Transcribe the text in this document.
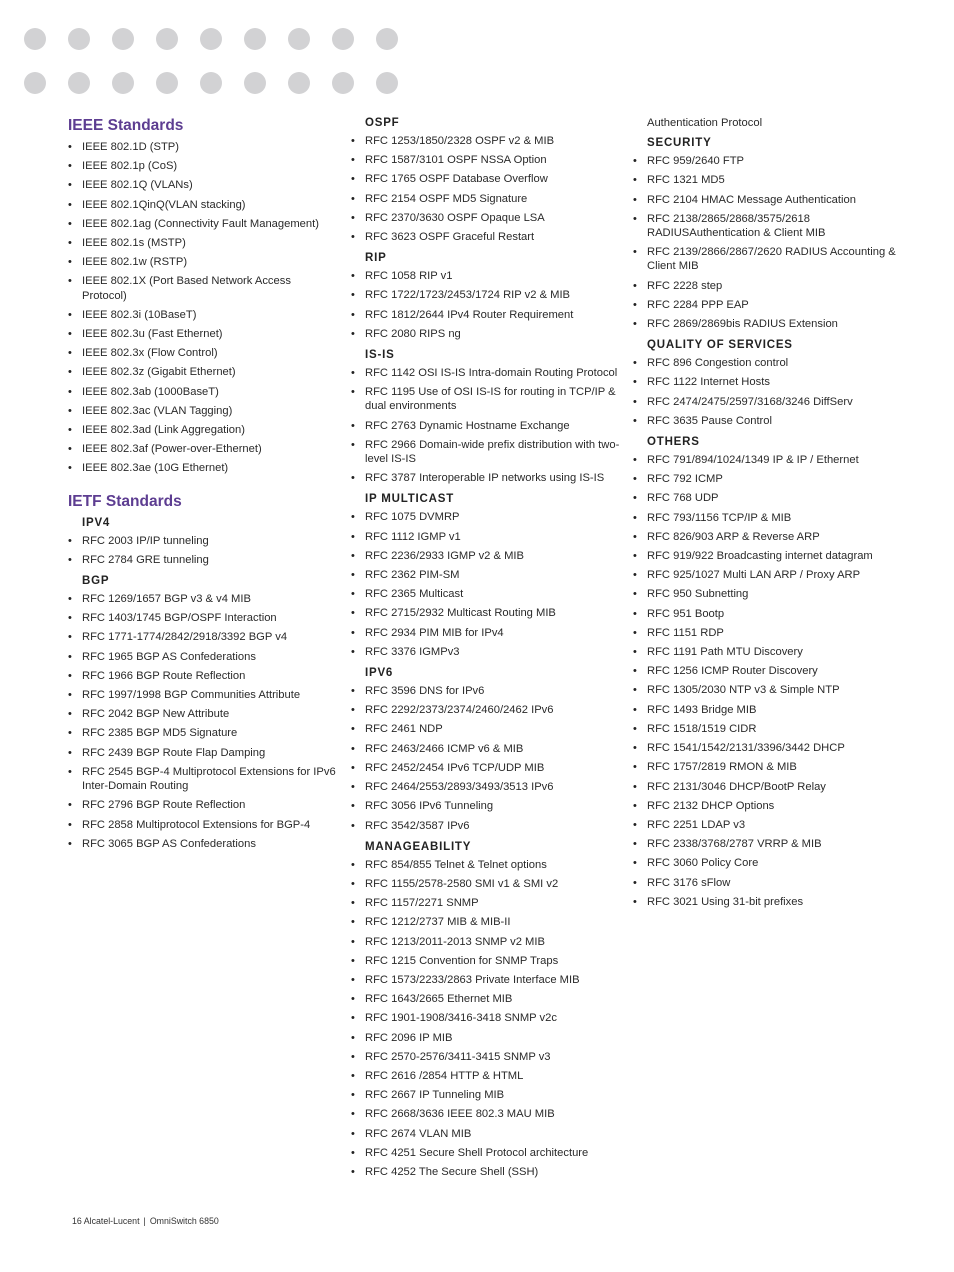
IEEE Standards
• IEEE 802.1D (STP)
• IEEE 802.1p (CoS)
• IEEE 802.1Q (VLANs)
• IEEE 802.1QinQ(VLAN stacking)
• IEEE 802.1ag (Connectivity Fault Management)
• IEEE 802.1s (MSTP)
• IEEE 802.1w (RSTP)
• IEEE 802.1X (Port Based Network Access Protocol)
• IEEE 802.3i (10BaseT)
• IEEE 802.3u (Fast Ethernet)
• IEEE 802.3x (Flow Control)
• IEEE 802.3z (Gigabit Ethernet)
• IEEE 802.3ab (1000BaseT)
• IEEE 802.3ac (VLAN Tagging)
• IEEE 802.3ad (Link Aggregation)
• IEEE 802.3af (Power-over-Ethernet)
• IEEE 802.3ae (10G Ethernet)
IETF Standards
IPV4
• RFC 2003 IP/IP tunneling
• RFC 2784 GRE tunneling
BGP
• RFC 1269/1657 BGP v3 & v4 MIB
• RFC 1403/1745 BGP/OSPF Interaction
• RFC 1771-1774/2842/2918/3392 BGP v4
• RFC 1965 BGP AS Confederations
• RFC 1966 BGP Route Reflection
• RFC 1997/1998 BGP Communities Attribute
• RFC 2042 BGP New Attribute
• RFC 2385 BGP MD5 Signature
• RFC 2439 BGP Route Flap Damping
• RFC 2545 BGP-4 Multiprotocol Extensions for IPv6 Inter-Domain Routing
• RFC 2796 BGP Route Reflection
• RFC 2858 Multiprotocol Extensions for BGP-4
• RFC 3065 BGP AS Confederations
OSPF
• RFC 1253/1850/2328 OSPF v2 & MIB
• RFC 1587/3101 OSPF NSSA Option
• RFC 1765 OSPF Database Overflow
• RFC 2154 OSPF MD5 Signature
• RFC 2370/3630 OSPF Opaque LSA
• RFC 3623 OSPF Graceful Restart
RIP
• RFC 1058 RIP v1
• RFC 1722/1723/2453/1724 RIP v2 & MIB
• RFC 1812/2644 IPv4 Router Requirement
• RFC 2080 RIPS ng
IS-IS
• RFC 1142 OSI IS-IS Intra-domain Routing Protocol
• RFC 1195 Use of OSI IS-IS for routing in TCP/IP & dual environments
• RFC 2763 Dynamic Hostname Exchange
• RFC 2966 Domain-wide prefix distribution with two-level IS-IS
• RFC 3787 Interoperable IP networks using IS-IS
IP MULTICAST
• RFC 1075 DVMRP
• RFC 1112 IGMP v1
• RFC 2236/2933 IGMP v2 & MIB
• RFC 2362 PIM-SM
• RFC 2365 Multicast
• RFC 2715/2932 Multicast Routing MIB
• RFC 2934 PIM MIB for IPv4
• RFC 3376 IGMPv3
IPV6
• RFC 3596 DNS for IPv6
• RFC 2292/2373/2374/2460/2462 IPv6
• RFC 2461 NDP
• RFC 2463/2466 ICMP v6 & MIB
• RFC 2452/2454 IPv6 TCP/UDP MIB
• RFC 2464/2553/2893/3493/3513 IPv6
• RFC 3056 IPv6 Tunneling
• RFC 3542/3587 IPv6
MANAGEABILITY
• RFC 854/855 Telnet & Telnet options
• RFC 1155/2578-2580 SMI v1 & SMI v2
• RFC 1157/2271 SNMP
• RFC 1212/2737 MIB & MIB-II
• RFC 1213/2011-2013 SNMP v2 MIB
• RFC 1215 Convention for SNMP Traps
• RFC 1573/2233/2863 Private Interface MIB
• RFC 1643/2665 Ethernet MIB
• RFC 1901-1908/3416-3418 SNMP v2c
• RFC 2096 IP MIB
• RFC 2570-2576/3411-3415 SNMP v3
• RFC 2616 /2854 HTTP & HTML
• RFC 2667 IP Tunneling MIB
• RFC 2668/3636 IEEE 802.3 MAU MIB
• RFC 2674 VLAN MIB
• RFC 4251 Secure Shell Protocol architecture
• RFC 4252 The Secure Shell (SSH)
Authentication Protocol
SECURITY
• RFC 959/2640 FTP
• RFC 1321 MD5
• RFC 2104 HMAC Message Authentication
• RFC 2138/2865/2868/3575/2618 RADIUSAuthentication & Client MIB
• RFC 2139/2866/2867/2620 RADIUS Accounting & Client MIB
• RFC 2228 step
• RFC 2284 PPP EAP
• RFC 2869/2869bis RADIUS Extension
QUALITY OF SERVICES
• RFC 896 Congestion control
• RFC 1122 Internet Hosts
• RFC 2474/2475/2597/3168/3246 DiffServ
• RFC 3635 Pause Control
OTHERS
• RFC 791/894/1024/1349 IP & IP / Ethernet
• RFC 792 ICMP
• RFC 768 UDP
• RFC 793/1156 TCP/IP & MIB
• RFC 826/903 ARP & Reverse ARP
• RFC 919/922 Broadcasting internet datagram
• RFC 925/1027 Multi LAN ARP / Proxy ARP
• RFC 950 Subnetting
• RFC 951 Bootp
• RFC 1151 RDP
• RFC 1191 Path MTU Discovery
• RFC 1256 ICMP Router Discovery
• RFC 1305/2030 NTP v3 & Simple NTP
• RFC 1493 Bridge MIB
• RFC 1518/1519 CIDR
• RFC 1541/1542/2131/3396/3442 DHCP
• RFC 1757/2819 RMON & MIB
• RFC 2131/3046 DHCP/BootP Relay
• RFC 2132 DHCP Options
• RFC 2251 LDAP v3
• RFC 2338/3768/2787 VRRP & MIB
• RFC 3060 Policy Core
• RFC 3176 sFlow
• RFC 3021 Using 31-bit prefixes
16 Alcatel-Lucent | OmniSwitch 6850
